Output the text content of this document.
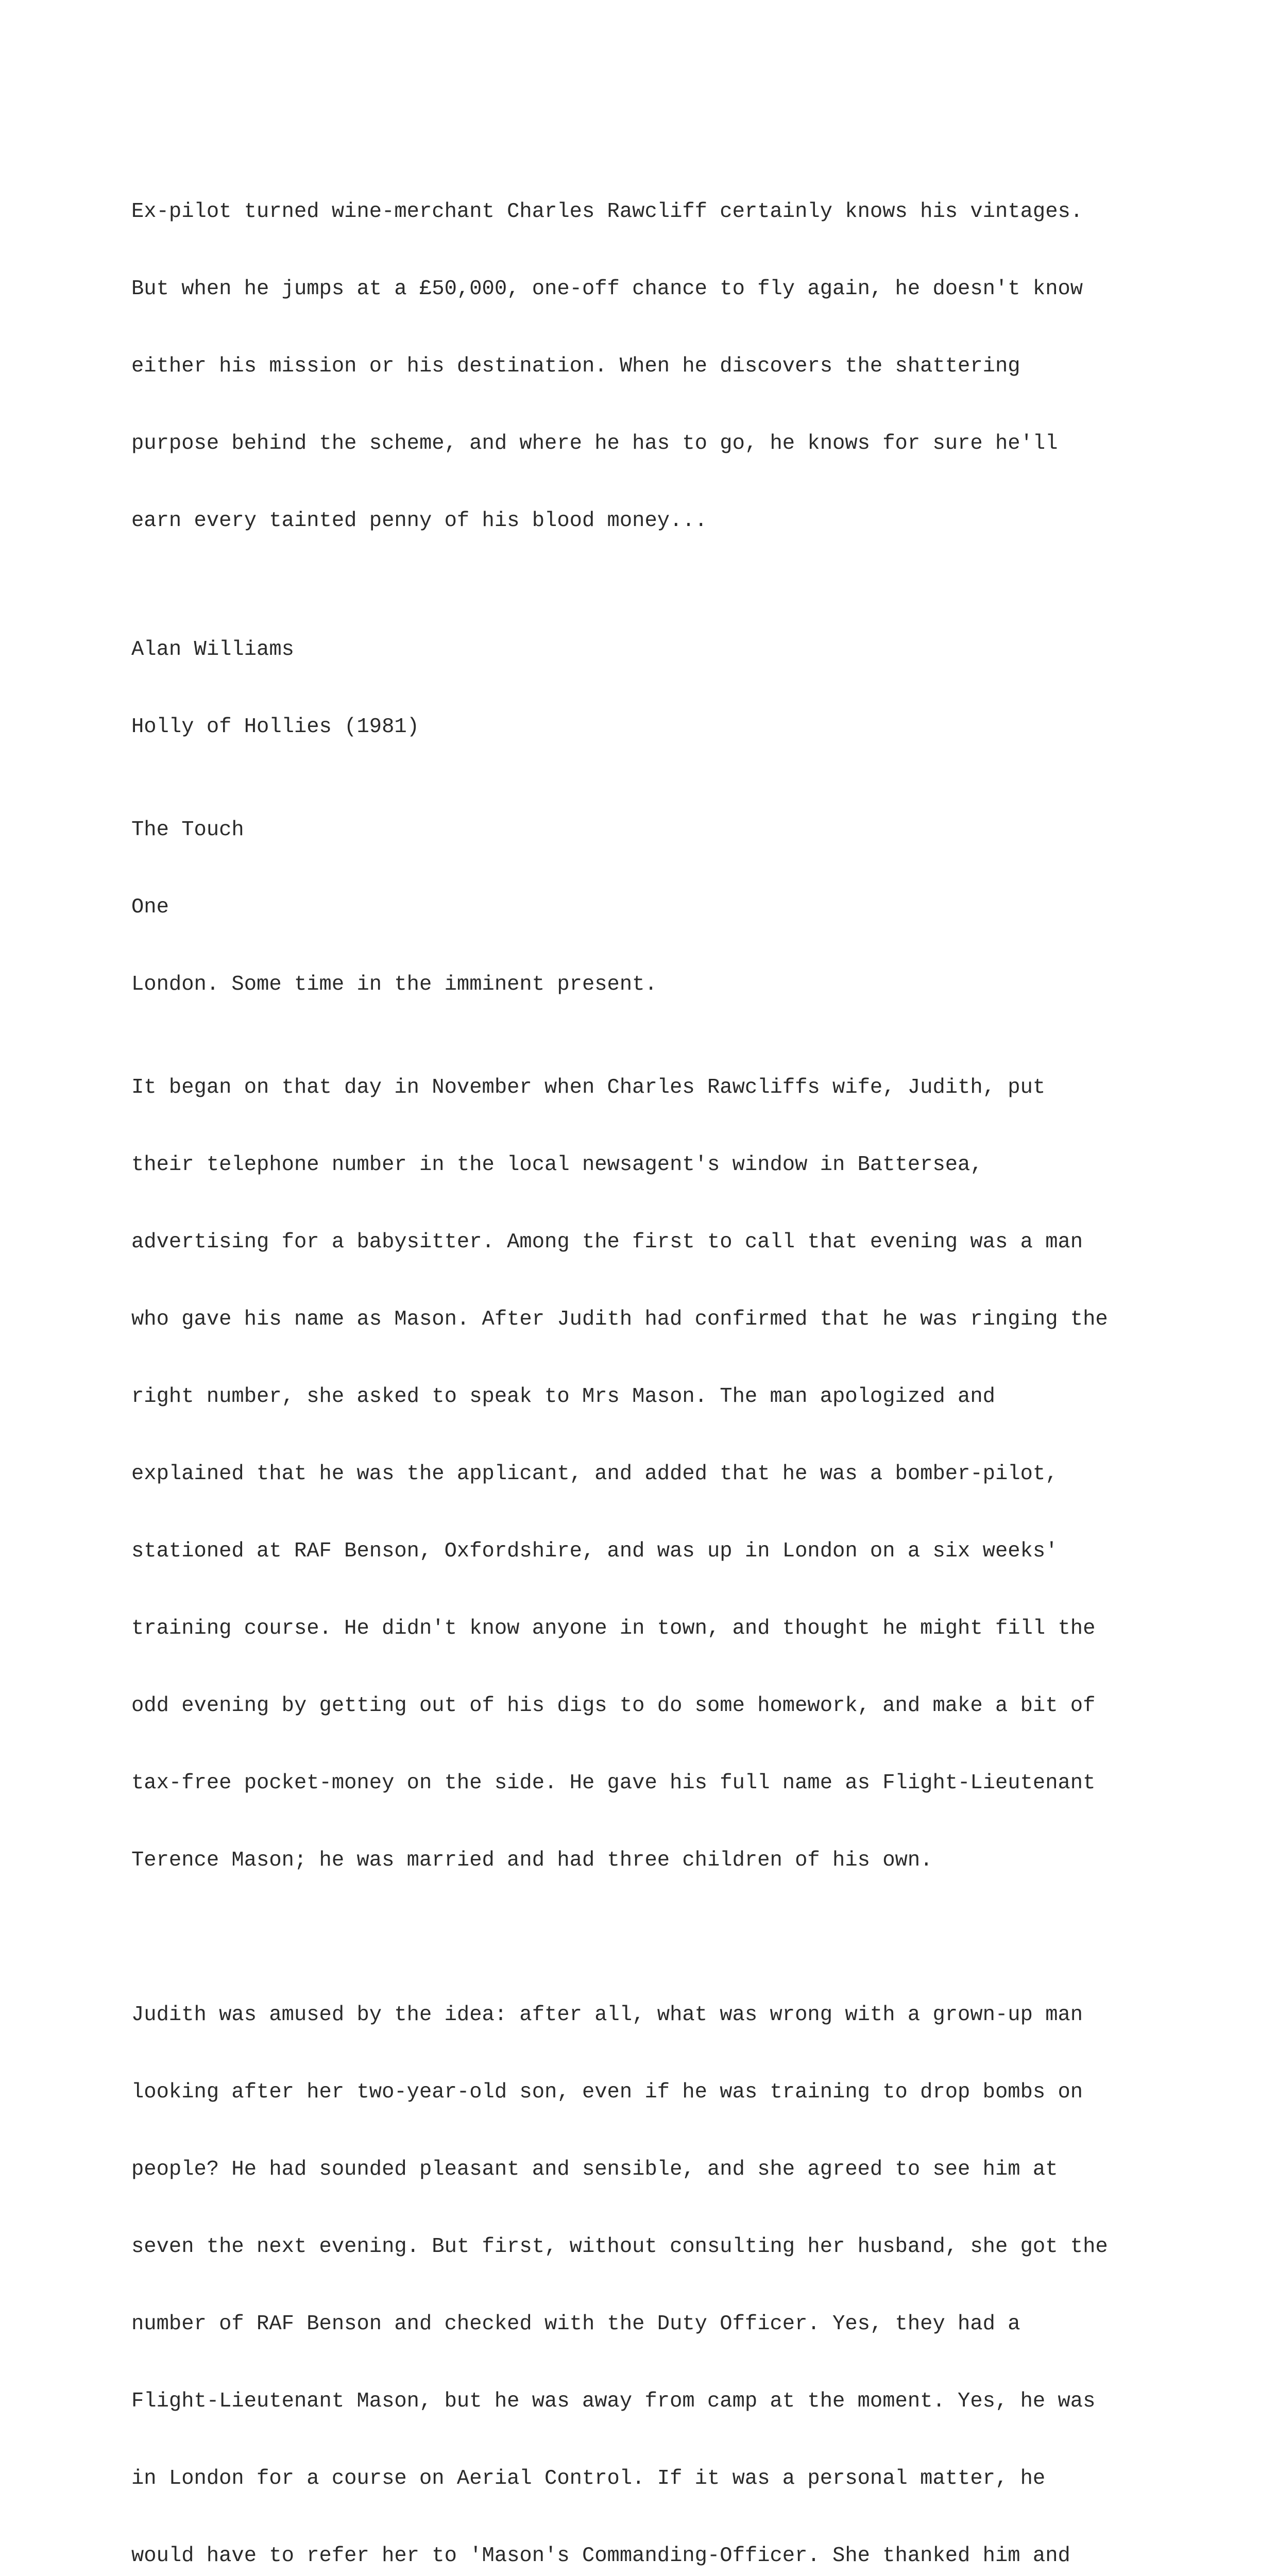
Ex-pilot turned wine-merchant Charles Rawcliff certainly knows his vintages.

But when he jumps at a £50,000, one-off chance to fly again, he doesn't know

either his mission or his destination. When he discovers the shattering

purpose behind the scheme, and where he has to go, he knows for sure he'll

earn every tainted penny of his blood money...

Alan Williams
Holly of Hollies (1981)
The Touch
One
London. Some time in the imminent present.

It began on that day in November when Charles Rawcliffs wife, Judith, put

their telephone number in the local newsagent's window in Battersea,

advertising for a babysitter. Among the first to call that evening was a man

who gave his name as Mason. After Judith had confirmed that he was ringing the

right number, she asked to speak to Mrs Mason. The man apologized and

explained that he was the applicant, and added that he was a bomber-pilot,

stationed at RAF Benson, Oxfordshire, and was up in London on a six weeks'

training course. He didn't know anyone in town, and thought he might fill the

odd evening by getting out of his digs to do some homework, and make a bit of

tax-free pocket-money on the side. He gave his full name as Flight-Lieutenant

Terence Mason; he was married and had three children of his own.

Judith was amused by the idea: after all, what was wrong with a grown-up man

looking after her two-year-old son, even if he was training to drop bombs on

people? He had sounded pleasant and sensible, and she agreed to see him at

seven the next evening. But first, without consulting her husband, she got the

number of RAF Benson and checked with the Duty Officer. Yes, they had a

Flight-Lieutenant Mason, but he was away from camp at the moment. Yes, he was

in London for a course on Aerial Control. If it was a personal matter, he

would have to refer her to 'Mason's Commanding-Officer. She thanked him and
